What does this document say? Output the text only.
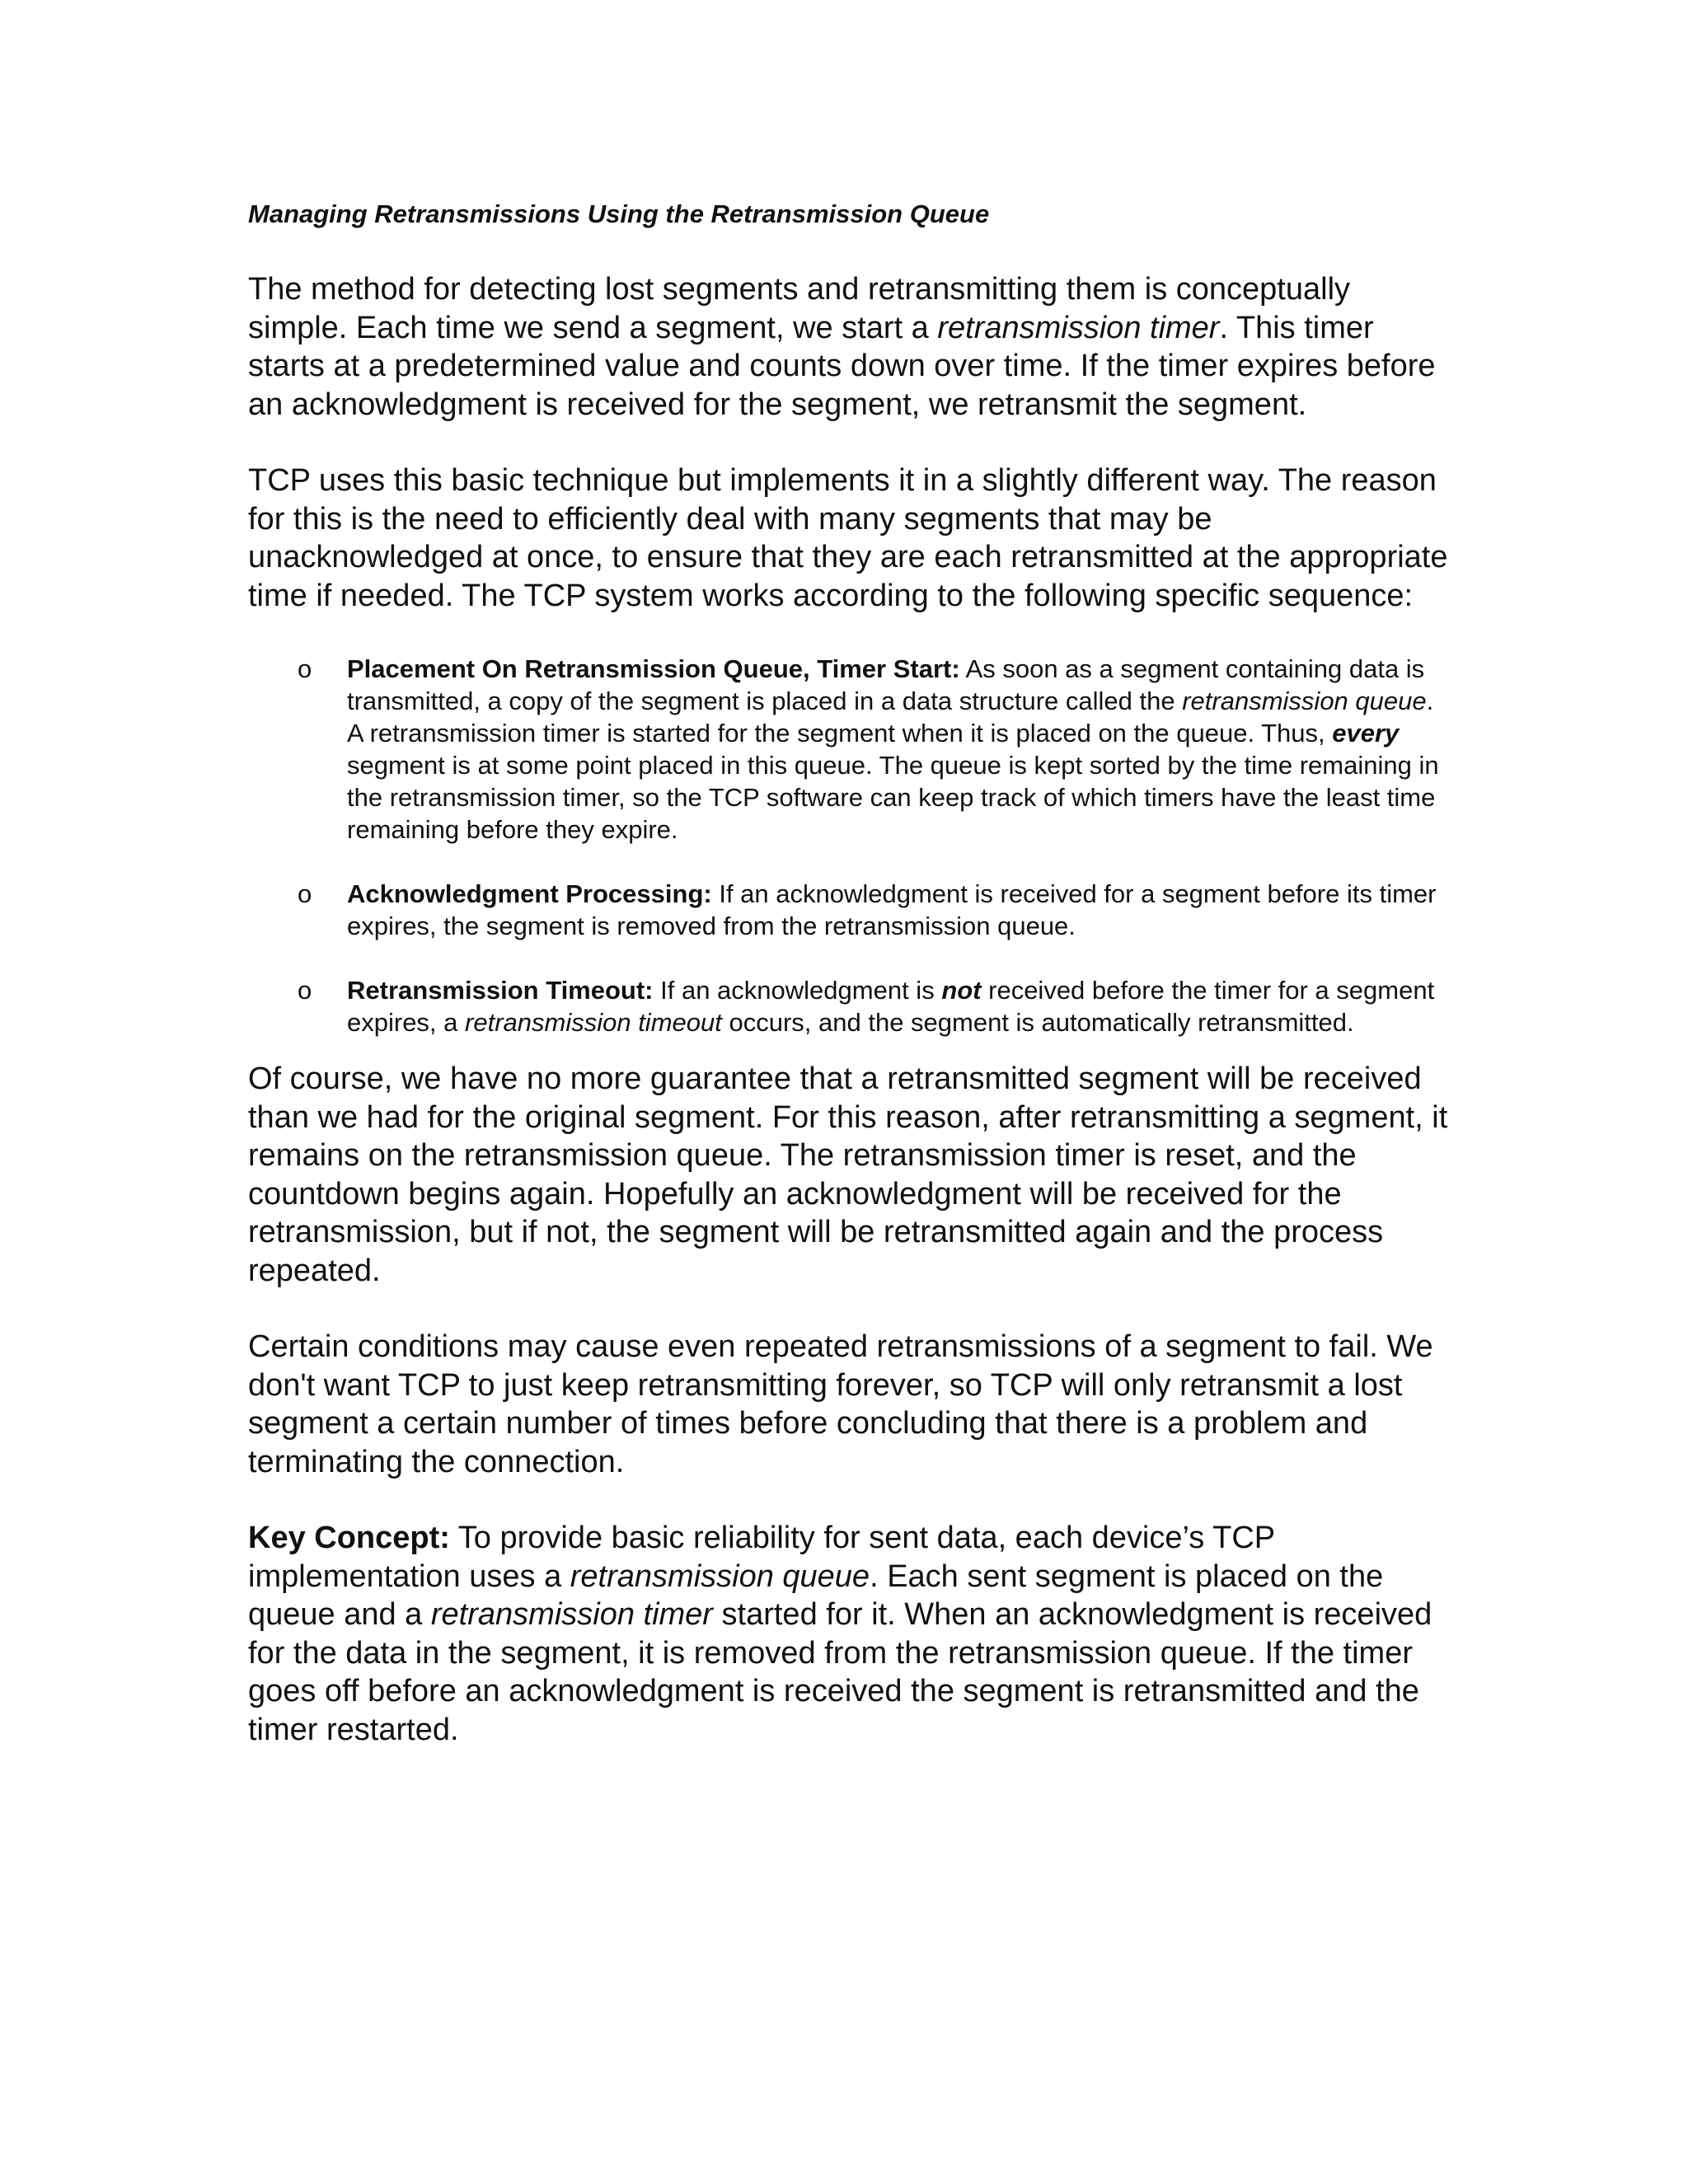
Managing Retransmissions Using the Retransmission Queue

The method for detecting lost segments and retransmitting them is conceptually simple. Each time we send a segment, we start a retransmission timer. This timer starts at a predetermined value and counts down over time. If the timer expires before an acknowledgment is received for the segment, we retransmit the segment.

TCP uses this basic technique but implements it in a slightly different way. The reason for this is the need to efficiently deal with many segments that may be unacknowledged at once, to ensure that they are each retransmitted at the appropriate time if needed. The TCP system works according to the following specific sequence:

o Placement On Retransmission Queue, Timer Start: As soon as a segment containing data is transmitted, a copy of the segment is placed in a data structure called the retransmission queue. A retransmission timer is started for the segment when it is placed on the queue. Thus, every segment is at some point placed in this queue. The queue is kept sorted by the time remaining in the retransmission timer, so the TCP software can keep track of which timers have the least time remaining before they expire.
o Acknowledgment Processing: If an acknowledgment is received for a segment before its timer expires, the segment is removed from the retransmission queue.
o Retransmission Timeout: If an acknowledgment is not received before the timer for a segment expires, a retransmission timeout occurs, and the segment is automatically retransmitted.

Of course, we have no more guarantee that a retransmitted segment will be received than we had for the original segment. For this reason, after retransmitting a segment, it remains on the retransmission queue. The retransmission timer is reset, and the countdown begins again. Hopefully an acknowledgment will be received for the retransmission, but if not, the segment will be retransmitted again and the process repeated.

Certain conditions may cause even repeated retransmissions of a segment to fail. We don't want TCP to just keep retransmitting forever, so TCP will only retransmit a lost segment a certain number of times before concluding that there is a problem and terminating the connection.

Key Concept: To provide basic reliability for sent data, each device’s TCP implementation uses a retransmission queue. Each sent segment is placed on the queue and a retransmission timer started for it. When an acknowledgment is received for the data in the segment, it is removed from the retransmission queue. If the timer goes off before an acknowledgment is received the segment is retransmitted and the timer restarted.
